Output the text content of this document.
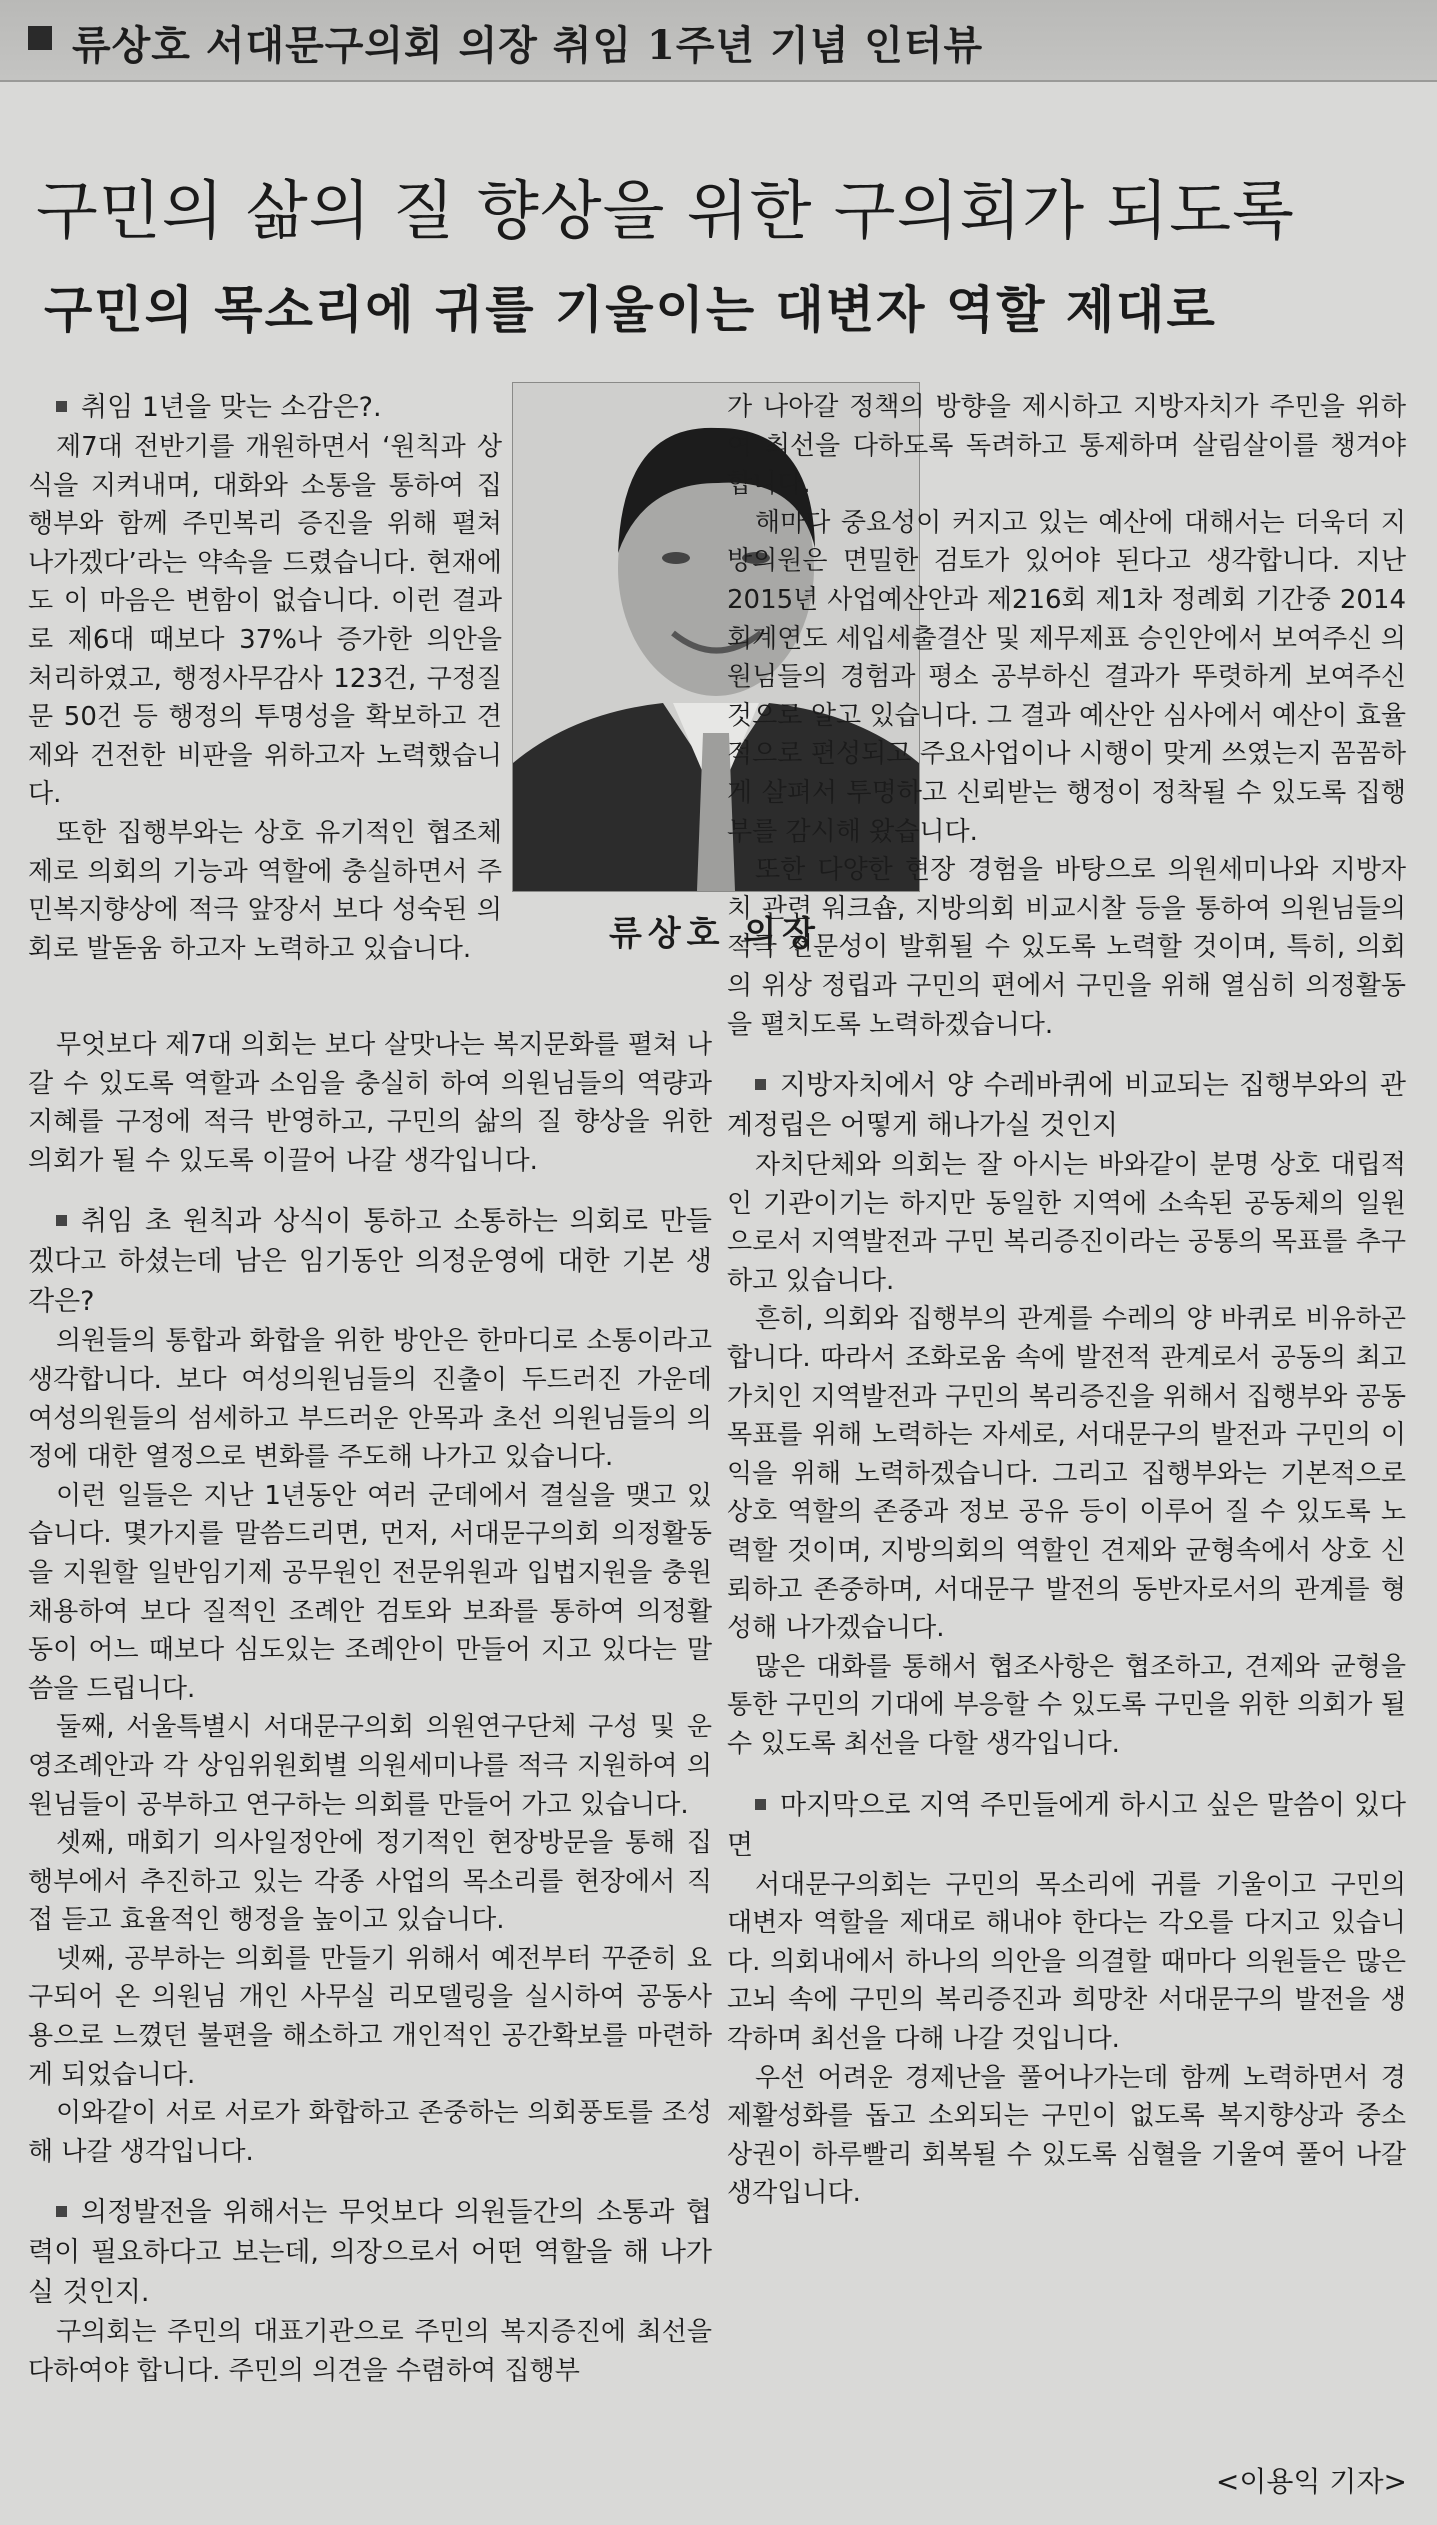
류상호 서대문구의회 의장 취임 1주년 기념 인터뷰
구민의 삶의 질 향상을 위한 구의회가 되도록
구민의 목소리에 귀를 기울이는 대변자 역할 제대로
류상호 의장

취임 1년을 맞는 소감은?.

제7대 전반기를 개원하면서 ‘원칙과 상식을 지켜내며, 대화와 소통을 통하여 집행부와 함께 주민복리 증진을 위해 펼쳐 나가겠다’라는 약속을 드렸습니다. 현재에도 이 마음은 변함이 없습니다. 이런 결과로 제6대 때보다 37%나 증가한 의안을 처리하였고, 행정사무감사 123건, 구정질문 50건 등 행정의 투명성을 확보하고 견제와 건전한 비판을 위하고자 노력했습니다.

또한 집행부와는 상호 유기적인 협조체제로 의회의 기능과 역할에 충실하면서 주민복지향상에 적극 앞장서 보다 성숙된 의회로 발돋움 하고자 노력하고 있습니다.

무엇보다 제7대 의회는 보다 살맛나는 복지문화를 펼쳐 나갈 수 있도록 역할과 소임을 충실히 하여 의원님들의 역량과 지혜를 구정에 적극 반영하고, 구민의 삶의 질 향상을 위한 의회가 될 수 있도록 이끌어 나갈 생각입니다.

취임 초 원칙과 상식이 통하고 소통하는 의회로 만들겠다고 하셨는데 남은 임기동안 의정운영에 대한 기본 생각은?

의원들의 통합과 화합을 위한 방안은 한마디로 소통이라고 생각합니다. 보다 여성의원님들의 진출이 두드러진 가운데 여성의원들의 섬세하고 부드러운 안목과 초선 의원님들의 의정에 대한 열정으로 변화를 주도해 나가고 있습니다.

이런 일들은 지난 1년동안 여러 군데에서 결실을 맺고 있습니다. 몇가지를 말씀드리면, 먼저, 서대문구의회 의정활동을 지원할 일반임기제 공무원인 전문위원과 입법지원을 충원 채용하여 보다 질적인 조례안 검토와 보좌를 통하여 의정활동이 어느 때보다 심도있는 조례안이 만들어 지고 있다는 말씀을 드립니다.

둘째, 서울특별시 서대문구의회 의원연구단체 구성 및 운영조례안과 각 상임위원회별 의원세미나를 적극 지원하여 의원님들이 공부하고 연구하는 의회를 만들어 가고 있습니다.

셋째, 매회기 의사일정안에 정기적인 현장방문을 통해 집행부에서 추진하고 있는 각종 사업의 목소리를 현장에서 직접 듣고 효율적인 행정을 높이고 있습니다.

넷째, 공부하는 의회를 만들기 위해서 예전부터 꾸준히 요구되어 온 의원님 개인 사무실 리모델링을 실시하여 공동사용으로 느꼈던 불편을 해소하고 개인적인 공간확보를 마련하게 되었습니다.

이와같이 서로 서로가 화합하고 존중하는 의회풍토를 조성해 나갈 생각입니다.

의정발전을 위해서는 무엇보다 의원들간의 소통과 협력이 필요하다고 보는데, 의장으로서 어떤 역할을 해 나가실 것인지.

구의회는 주민의 대표기관으로 주민의 복지증진에 최선을 다하여야 합니다. 주민의 의견을 수렴하여 집행부

가 나아갈 정책의 방향을 제시하고 지방자치가 주민을 위하여 최선을 다하도록 독려하고 통제하며 살림살이를 챙겨야 합니다.

해마다 중요성이 커지고 있는 예산에 대해서는 더욱더 지방의원은 면밀한 검토가 있어야 된다고 생각합니다. 지난 2015년 사업예산안과 제216회 제1차 정례회 기간중 2014회계연도 세입세출결산 및 제무제표 승인안에서 보여주신 의원님들의 경험과 평소 공부하신 결과가 뚜렷하게 보여주신 것으로 알고 있습니다. 그 결과 예산안 심사에서 예산이 효율적으로 편성되고 주요사업이나 시행이 맞게 쓰였는지 꼼꼼하게 살펴서 투명하고 신뢰받는 행정이 정착될 수 있도록 집행부를 감시해 왔습니다.

또한 다양한 현장 경험을 바탕으로 의원세미나와 지방자치 관련 워크숍, 지방의회 비교시찰 등을 통하여 의원님들의 적극 전문성이 발휘될 수 있도록 노력할 것이며, 특히, 의회의 위상 정립과 구민의 편에서 구민을 위해 열심히 의정활동을 펼치도록 노력하겠습니다.

지방자치에서 양 수레바퀴에 비교되는 집행부와의 관계정립은 어떻게 해나가실 것인지

자치단체와 의회는 잘 아시는 바와같이 분명 상호 대립적인 기관이기는 하지만 동일한 지역에 소속된 공동체의 일원으로서 지역발전과 구민 복리증진이라는 공통의 목표를 추구하고 있습니다.

흔히, 의회와 집행부의 관계를 수레의 양 바퀴로 비유하곤 합니다. 따라서 조화로움 속에 발전적 관계로서 공동의 최고가치인 지역발전과 구민의 복리증진을 위해서 집행부와 공동 목표를 위해 노력하는 자세로, 서대문구의 발전과 구민의 이익을 위해 노력하겠습니다. 그리고 집행부와는 기본적으로 상호 역할의 존중과 정보 공유 등이 이루어 질 수 있도록 노력할 것이며, 지방의회의 역할인 견제와 균형속에서 상호 신뢰하고 존중하며, 서대문구 발전의 동반자로서의 관계를 형성해 나가겠습니다.

많은 대화를 통해서 협조사항은 협조하고, 견제와 균형을 통한 구민의 기대에 부응할 수 있도록 구민을 위한 의회가 될 수 있도록 최선을 다할 생각입니다.

마지막으로 지역 주민들에게 하시고 싶은 말씀이 있다면

서대문구의회는 구민의 목소리에 귀를 기울이고 구민의 대변자 역할을 제대로 해내야 한다는 각오를 다지고 있습니다. 의회내에서 하나의 의안을 의결할 때마다 의원들은 많은 고뇌 속에 구민의 복리증진과 희망찬 서대문구의 발전을 생각하며 최선을 다해 나갈 것입니다.

우선 어려운 경제난을 풀어나가는데 함께 노력하면서 경제활성화를 돕고 소외되는 구민이 없도록 복지향상과 중소 상권이 하루빨리 회복될 수 있도록 심혈을 기울여 풀어 나갈 생각입니다.

<이용익 기자>
